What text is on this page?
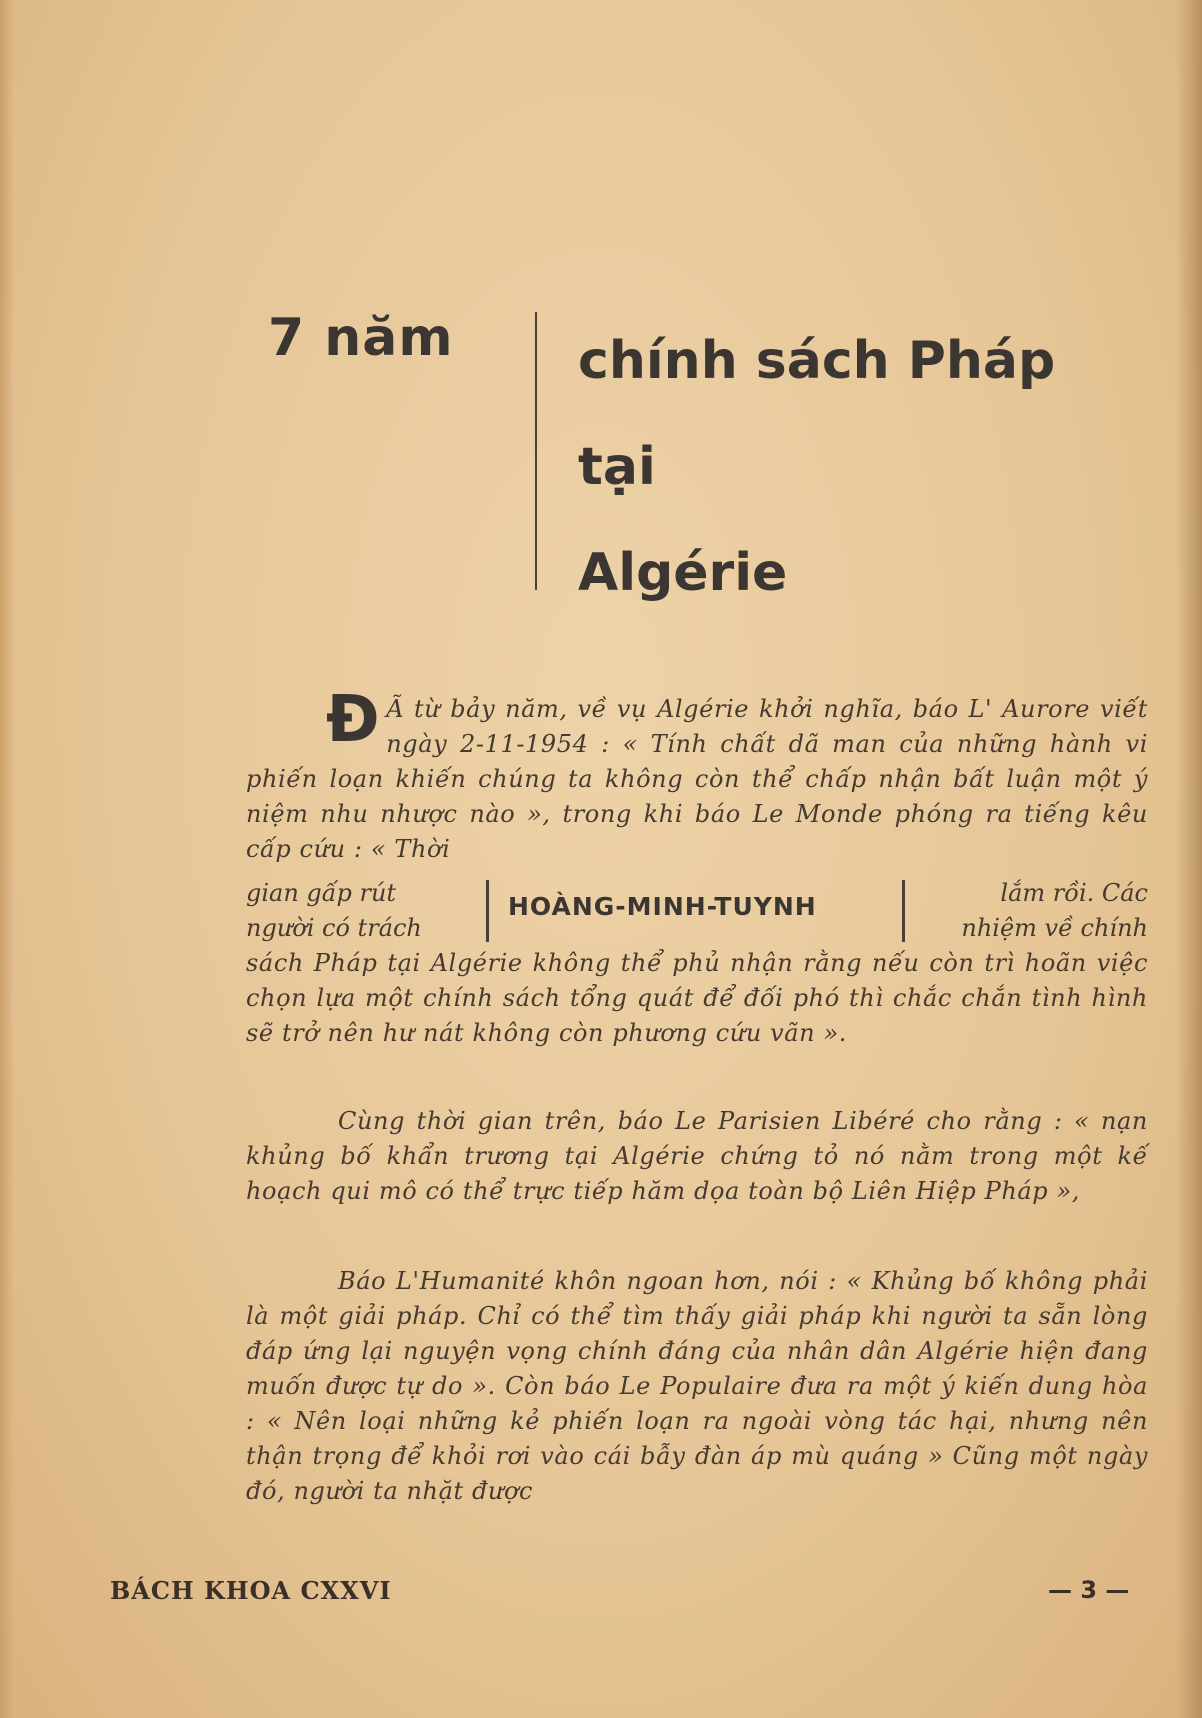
7 năm chính sách Pháp
tại
Algérie
Đ Ã từ bảy năm, về vụ Algérie khởi nghĩa, báo L' Aurore viết ngày 2-11-1954 : « Tính chất dã man của những hành vi phiến loạn khiến chúng ta không còn thể chấp nhận bất luận một ý niệm nhu nhược nào », trong khi báo Le Monde phóng ra tiếng kêu cấp cứu : « Thời
gian gấp rút người có trách
HOÀNG-MINH-TUYNH	lắm rồi. Các nhiệm về chính
sách Pháp tại Algérie không thể phủ nhận rằng nếu còn trì hoãn việc chọn lựa một chính sách tổng quát để đối phó thì chắc chắn tình hình sẽ trở nên hư nát không còn phương cứu vãn ».
Cùng thời gian trên, báo Le Parisien Libéré cho rằng : « nạn khủng bố khẩn trương tại Algérie chứng tỏ nó nằm trong một kế hoạch qui mô có thể trực tiếp hăm dọa toàn bộ Liên Hiệp Pháp »,
Báo L'Humanité khôn ngoan hơn, nói : « Khủng bố không phải là một giải pháp. Chỉ có thể tìm thấy giải pháp khi người ta sẵn lòng đáp ứng lại nguyện vọng chính đáng của nhân dân Algérie hiện đang muốn được tự do ». Còn báo Le Populaire đưa ra một ý kiến dung hòa : « Nên loại những kẻ phiến loạn ra ngoài vòng tác hại, nhưng nên thận trọng để khỏi rơi vào cái bẫy đàn áp mù quáng » Cũng một ngày đó, người ta nhặt được
BÁCH KHOA CXXVI	— 3 —
